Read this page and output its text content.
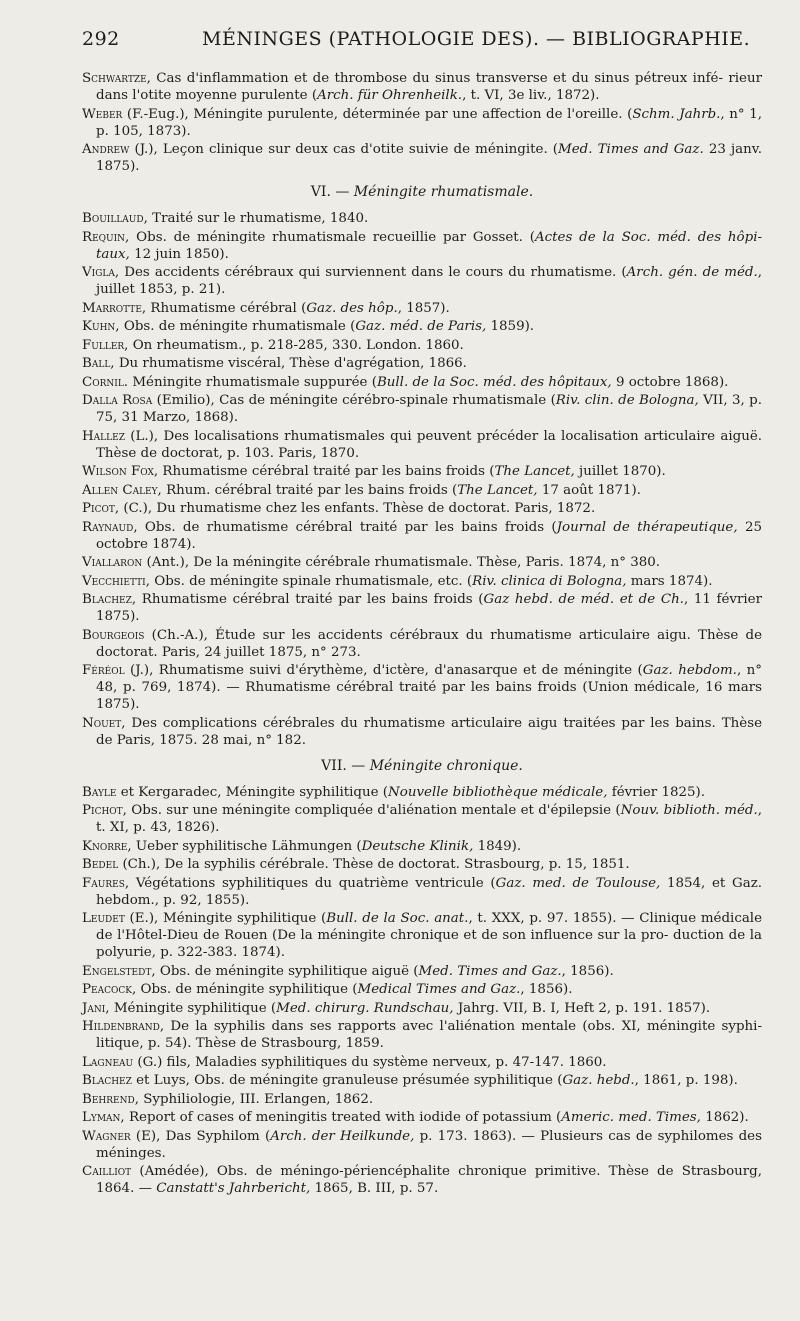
292	MÉNINGES (PATHOLOGIE DES). — BIBLIOGRAPHIE.

Schwartze, Cas d'inflammation et de thrombose du sinus transverse et du sinus pétreux infé- rieur dans l'otite moyenne purulente (Arch. für Ohrenheilk., t. VI, 3e liv., 1872).

Weber (F.-Eug.), Méningite purulente, déterminée par une affection de l'oreille. (Schm. Jahrb., n° 1, p. 105, 1873).

Andrew (J.), Leçon clinique sur deux cas d'otite suivie de méningite. (Med. Times and Gaz. 23 janv. 1875).

VI. — Méningite rhumatismale.

Bouillaud, Traité sur le rhumatisme, 1840.

Requin, Obs. de méningite rhumatismale recueillie par Gosset. (Actes de la Soc. méd. des hôpi- taux, 12 juin 1850).

Vigla, Des accidents cérébraux qui surviennent dans le cours du rhumatisme. (Arch. gén. de méd., juillet 1853, p. 21).

Marrotte, Rhumatisme cérébral (Gaz. des hôp., 1857).

Kuhn, Obs. de méningite rhumatismale (Gaz. méd. de Paris, 1859).

Fuller, On rheumatism., p. 218-285, 330. London. 1860.

Ball, Du rhumatisme viscéral, Thèse d'agrégation, 1866.

Cornil. Méningite rhumatismale suppurée (Bull. de la Soc. méd. des hôpitaux, 9 octobre 1868).

Dalla Rosa (Emilio), Cas de méningite cérébro-spinale rhumatismale (Riv. clin. de Bologna, VII, 3, p. 75, 31 Marzo, 1868).

Hallez (L.), Des localisations rhumatismales qui peuvent précéder la localisation articulaire aiguë. Thèse de doctorat, p. 103. Paris, 1870.

Wilson Fox, Rhumatisme cérébral traité par les bains froids (The Lancet, juillet 1870).

Allen Caley, Rhum. cérébral traité par les bains froids (The Lancet, 17 août 1871).

Picot, (C.), Du rhumatisme chez les enfants. Thèse de doctorat. Paris, 1872.

Raynaud, Obs. de rhumatisme cérébral traité par les bains froids (Journal de thérapeutique, 25 octobre 1874).

Viallaron (Ant.), De la méningite cérébrale rhumatismale. Thèse, Paris. 1874, n° 380.

Vecchietti, Obs. de méningite spinale rhumatismale, etc. (Riv. clinica di Bologna, mars 1874).

Blachez, Rhumatisme cérébral traité par les bains froids (Gaz hebd. de méd. et de Ch., 11 février 1875).

Bourgeois (Ch.-A.), Étude sur les accidents cérébraux du rhumatisme articulaire aigu. Thèse de doctorat. Paris, 24 juillet 1875, n° 273.

Féréol (J.), Rhumatisme suivi d'érythème, d'ictère, d'anasarque et de méningite (Gaz. hebdom., n° 48, p. 769, 1874). — Rhumatisme cérébral traité par les bains froids (Union médicale, 16 mars 1875).

Nouet, Des complications cérébrales du rhumatisme articulaire aigu traitées par les bains. Thèse de Paris, 1875. 28 mai, n° 182.

VII. — Méningite chronique.

Bayle et Kergaradec, Méningite syphilitique (Nouvelle bibliothèque médicale, février 1825).

Pichot, Obs. sur une méningite compliquée d'aliénation mentale et d'épilepsie (Nouv. biblioth. méd., t. XI, p. 43, 1826).

Knorre, Ueber syphilitische Lähmungen (Deutsche Klinik, 1849).

Bedel (Ch.), De la syphilis cérébrale. Thèse de doctorat. Strasbourg, p. 15, 1851.

Faures, Végétations syphilitiques du quatrième ventricule (Gaz. med. de Toulouse, 1854, et Gaz. hebdom., p. 92, 1855).

Leudet (E.), Méningite syphilitique (Bull. de la Soc. anat., t. XXX, p. 97. 1855). — Clinique médicale de l'Hôtel-Dieu de Rouen (De la méningite chronique et de son influence sur la pro- duction de la polyurie, p. 322-383. 1874).

Engelstedt, Obs. de méningite syphilitique aiguë (Med. Times and Gaz., 1856).

Peacock, Obs. de méningite syphilitique (Medical Times and Gaz., 1856).

Jani, Méningite syphilitique (Med. chirurg. Rundschau, Jahrg. VII, B. I, Heft 2, p. 191. 1857).

Hildenbrand, De la syphilis dans ses rapports avec l'aliénation mentale (obs. XI, méningite syphi- litique, p. 54). Thèse de Strasbourg, 1859.

Lagneau (G.) fils, Maladies syphilitiques du système nerveux, p. 47-147. 1860.

Blachez et Luys, Obs. de méningite granuleuse présumée syphilitique (Gaz. hebd., 1861, p. 198).

Behrend, Syphiliologie, III. Erlangen, 1862.

Lyman, Report of cases of meningitis treated with iodide of potassium (Americ. med. Times, 1862).

Wagner (E), Das Syphilom (Arch. der Heilkunde, p. 173. 1863). — Plusieurs cas de syphilomes des méninges.

Cailliot (Amédée), Obs. de méningo-périencéphalite chronique primitive. Thèse de Strasbourg, 1864. — Canstatt's Jahrbericht, 1865, B. III, p. 57.
